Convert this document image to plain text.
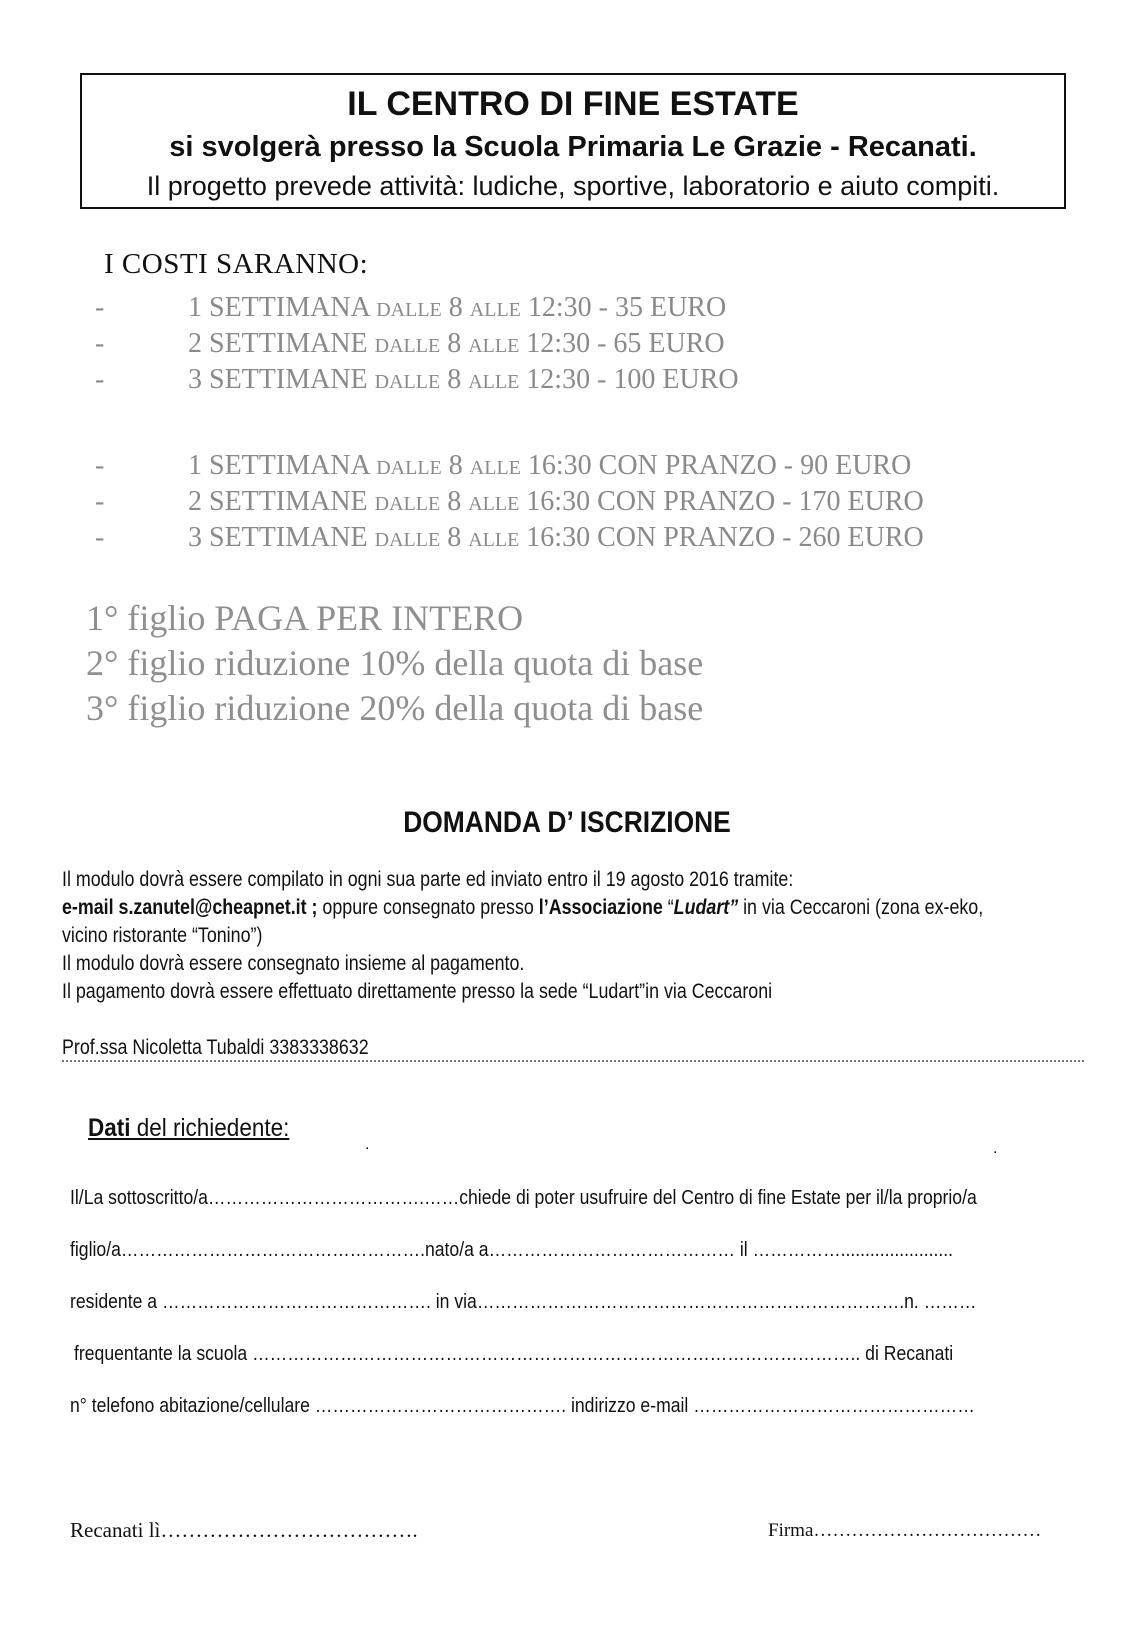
IL CENTRO DI FINE ESTATE
si svolgerà presso la Scuola Primaria Le Grazie - Recanati.
Il progetto prevede attività: ludiche, sportive, laboratorio e aiuto compiti.
I COSTI SARANNO:
-	1 SETTIMANA dalle 8 alle 12:30 - 35 EURO
-	2 SETTIMANE dalle 8 alle 12:30 - 65 EURO
-	3 SETTIMANE dalle 8 alle 12:30 - 100 EURO
-	1 SETTIMANA dalle 8 alle 16:30 CON PRANZO - 90 EURO
-	2 SETTIMANE dalle 8 alle 16:30 CON PRANZO - 170 EURO
-	3 SETTIMANE dalle 8 alle 16:30 CON PRANZO - 260 EURO
1° figlio PAGA PER INTERO
2° figlio riduzione 10% della quota di base
3° figlio riduzione 20% della quota di base
DOMANDA D’ ISCRIZIONE
Il modulo dovrà essere compilato in ogni sua parte ed inviato entro il 19 agosto 2016 tramite:
e-mail s.zanutel@cheapnet.it ; oppure consegnato presso l’Associazione “Ludart” in via Ceccaroni (zona ex-eko,
vicino ristorante “Tonino”)
Il modulo dovrà essere consegnato insieme al pagamento.
Il pagamento dovrà essere effettuato direttamente presso la sede “Ludart”in via Ceccaroni
Prof.ssa Nicoletta Tubaldi 3383338632
Dati del richiedente:
.	.
Il/La sottoscritto/a……………………………….……chiede di poter usufruire del Centro di fine Estate per il/la proprio/a
figlio/a…………………………………………….nato/a a…………………………………… il …………….......................
residente a ………………………………………. in via……………………………………………………………….n. ………
frequentante la scuola ………………………………………………………………………………………….. di Recanati
n° telefono abitazione/cellulare ……………………………………. indirizzo e-mail …………………………………………
Recanati lì……………………………….	Firma………………………………
